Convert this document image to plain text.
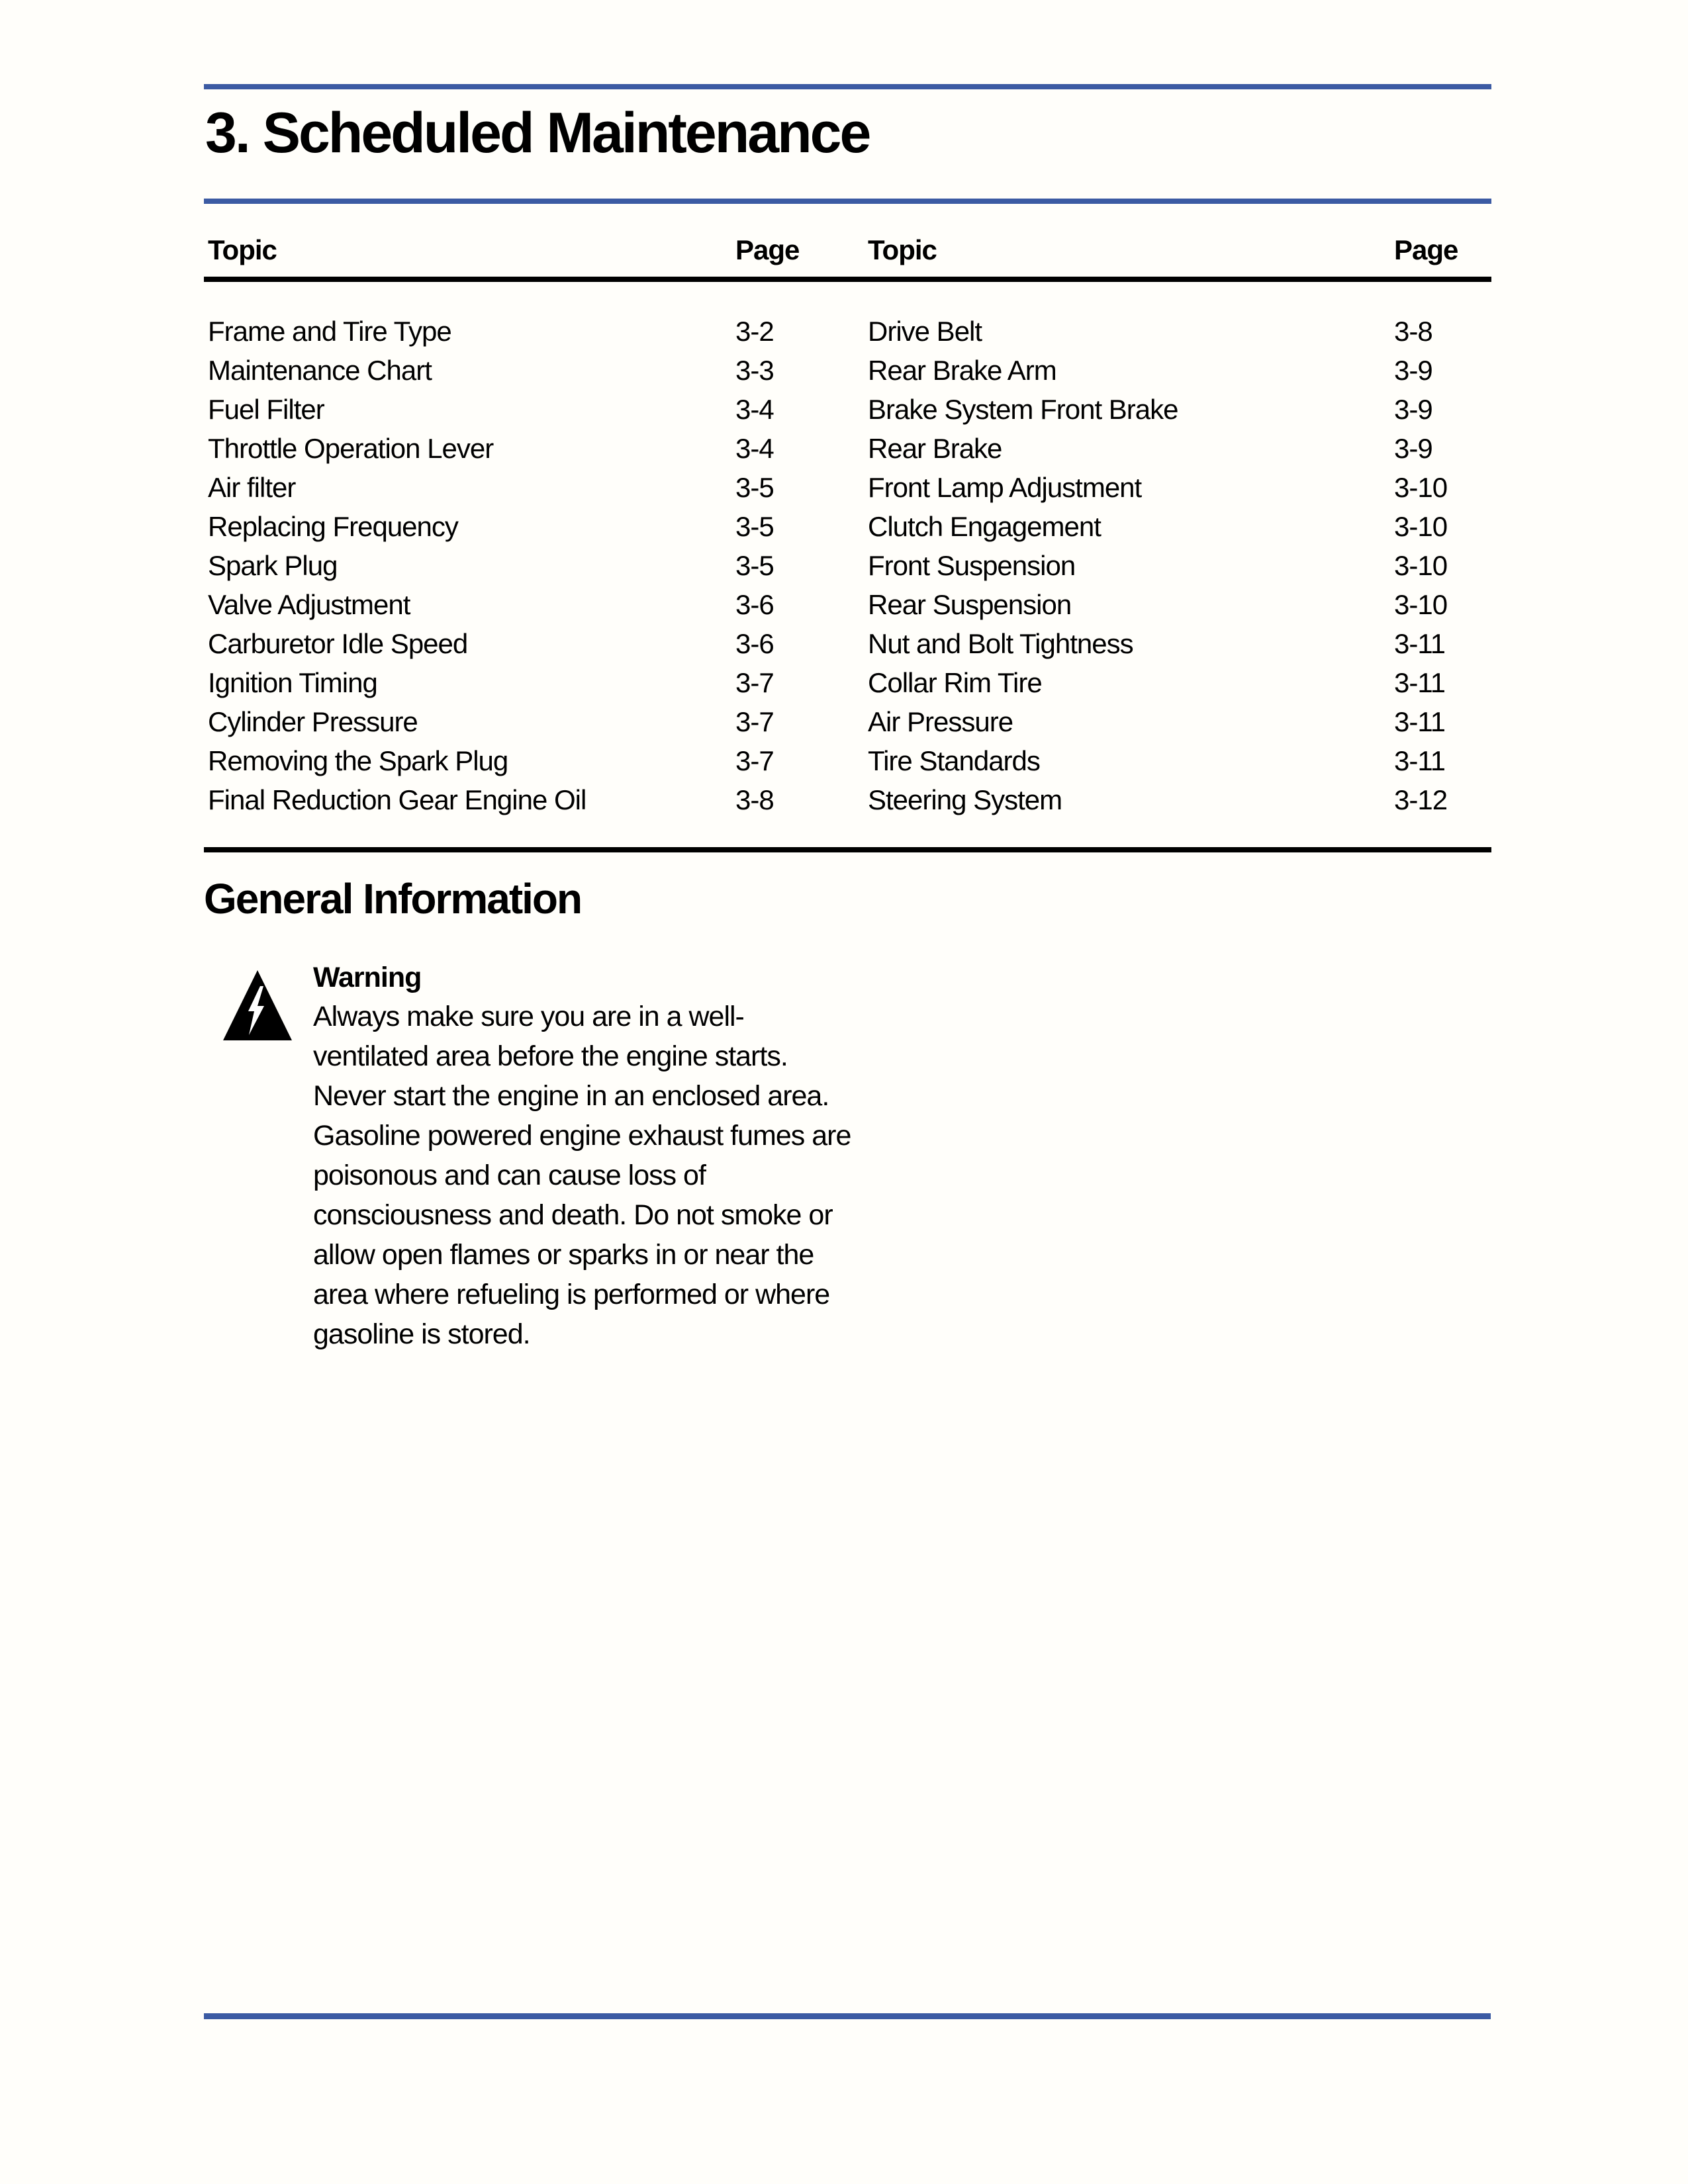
3. Scheduled Maintenance
Topic	Page	Topic	Page
Frame and Tire Type	3-2	Drive Belt	3-8
Maintenance Chart	3-3	Rear Brake Arm	3-9
Fuel Filter	3-4	Brake System Front Brake	3-9
Throttle Operation Lever	3-4	Rear Brake	3-9
Air filter	3-5	Front Lamp Adjustment	3-10
Replacing Frequency	3-5	Clutch Engagement	3-10
Spark Plug	3-5	Front Suspension	3-10
Valve Adjustment	3-6	Rear Suspension	3-10
Carburetor Idle Speed	3-6	Nut and Bolt Tightness	3-11
Ignition Timing	3-7	Collar Rim Tire	3-11
Cylinder Pressure	3-7	Air Pressure	3-11
Removing the Spark Plug	3-7	Tire Standards	3-11
Final Reduction Gear Engine Oil	3-8	Steering System	3-12
General Information
Warning

Always make sure you are in a well-ventilated area before the engine starts.  Never start the engine in an enclosed area. Gasoline powered engine exhaust fumes are poisonous and can cause loss of consciousness and death. Do not smoke or allow open flames or sparks in or near the area where refueling is performed or where gasoline is stored.
